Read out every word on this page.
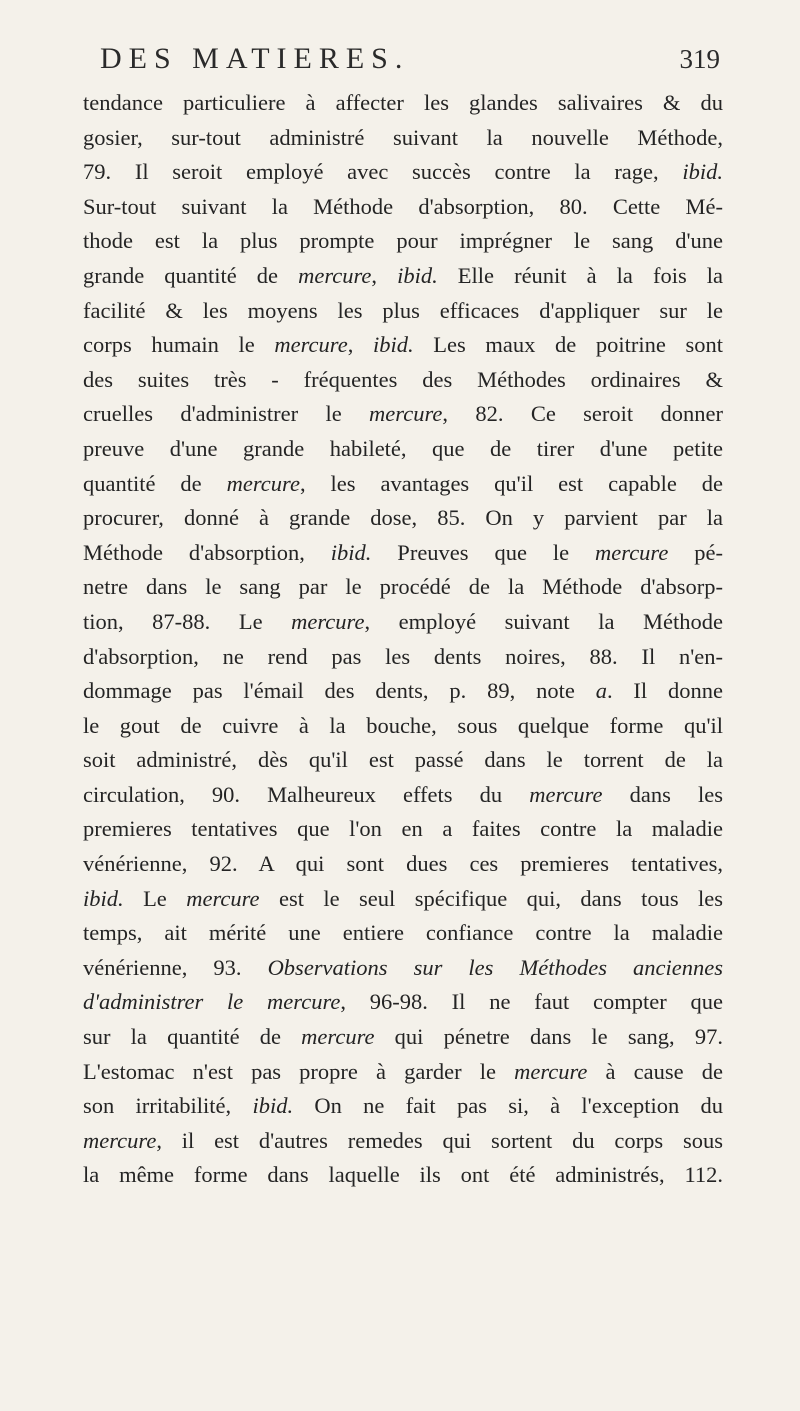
DES MATIERES.	319
tendance particuliere à affecter les glandes salivaires & du
gosier, sur-tout administré suivant la nouvelle Méthode,
79. Il seroit employé avec succès contre la rage, ibid.
Sur-tout suivant la Méthode d'absorption, 80. Cette Mé-
thode est la plus prompte pour imprégner le sang d'une
grande quantité de mercure, ibid. Elle réunit à la fois la
facilité & les moyens les plus efficaces d'appliquer sur le
corps humain le mercure, ibid. Les maux de poitrine sont
des suites très - fréquentes des Méthodes ordinaires &
cruelles d'administrer le mercure, 82. Ce seroit donner
preuve d'une grande habileté, que de tirer d'une petite
quantité de mercure, les avantages qu'il est capable de
procurer, donné à grande dose, 85. On y parvient par la
Méthode d'absorption, ibid. Preuves que le mercure pé-
netre dans le sang par le procédé de la Méthode d'absorp-
tion, 87-88. Le mercure, employé suivant la Méthode
d'absorption, ne rend pas les dents noires, 88. Il n'en-
dommage pas l'émail des dents, p. 89, note a. Il donne
le gout de cuivre à la bouche, sous quelque forme qu'il
soit administré, dès qu'il est passé dans le torrent de la
circulation, 90. Malheureux effets du mercure dans les
premieres tentatives que l'on en a faites contre la maladie
vénérienne, 92. A qui sont dues ces premieres tentatives,
ibid. Le mercure est le seul spécifique qui, dans tous les
temps, ait mérité une entiere confiance contre la maladie
vénérienne, 93. Observations sur les Méthodes anciennes
d'administrer le mercure, 96-98. Il ne faut compter que
sur la quantité de mercure qui pénetre dans le sang, 97.
L'estomac n'est pas propre à garder le mercure à cause de
son irritabilité, ibid. On ne fait pas si, à l'exception du
mercure, il est d'autres remedes qui sortent du corps sous
la même forme dans laquelle ils ont été administrés, 112.
